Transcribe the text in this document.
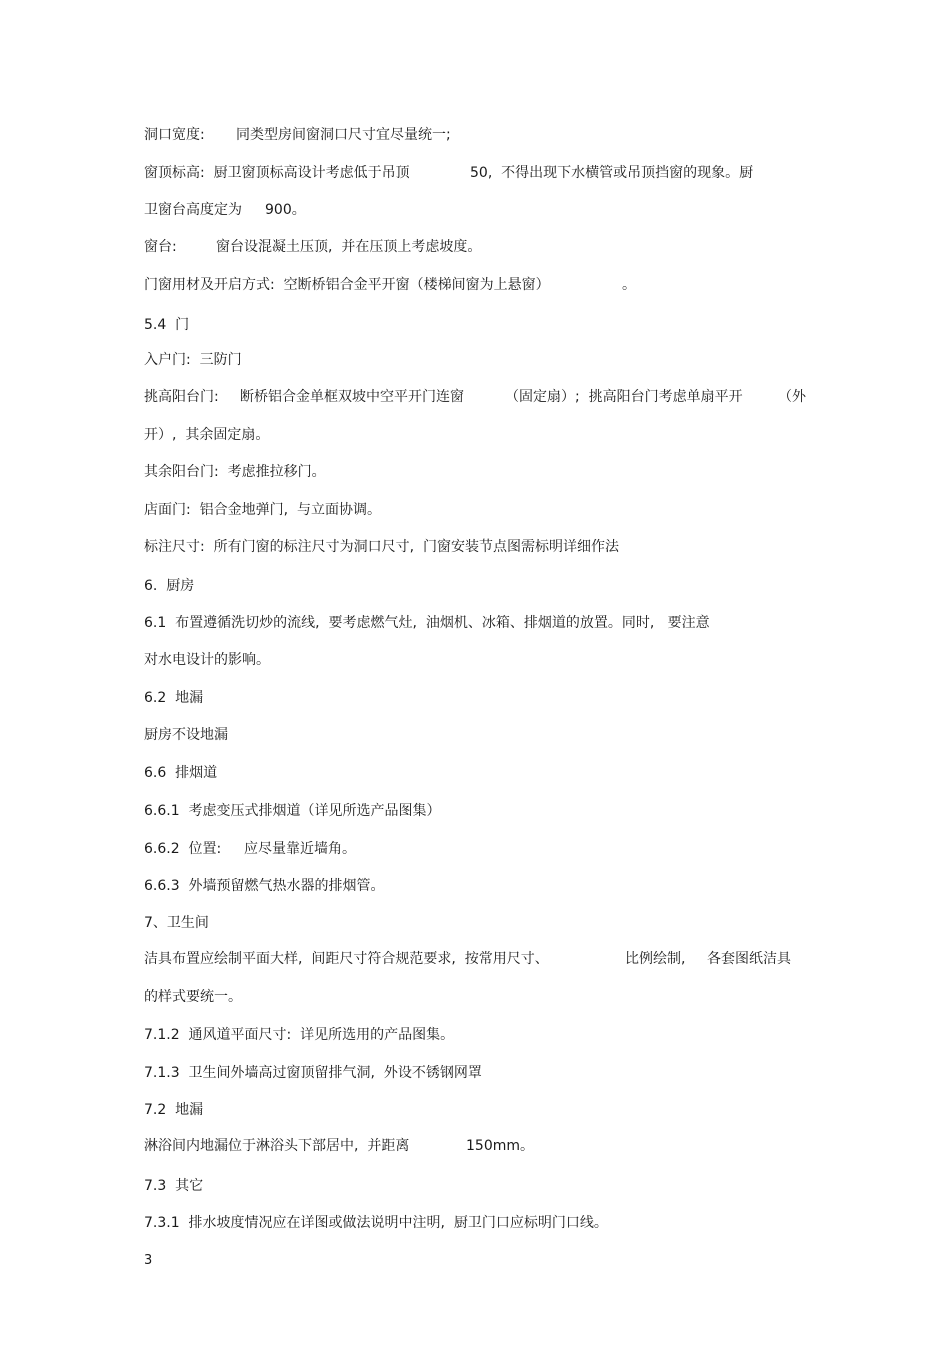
洞口宽度: 同类型房间窗洞口尺寸宜尽量统一;
窗顶标高:  厨卫窗顶标高设计考虑低于吊顶	50,  不得出现下水横管或吊顶挡窗的现象。厨
卫窗台高度定为 900。
窗台:	窗台设混凝土压顶,  并在压顶上考虑坡度。
门窗用材及开启方式:  空断桥铝合金平开窗（楼梯间窗为上悬窗）	。
5.4  门
入户门:  三防门
挑高阳台门: 断桥铝合金单框双坡中空平开门连窗	（固定扇）;  挑高阳台门考虑单扇平开	（外
开）,  其余固定扇。
其余阳台门:  考虑推拉移门。
店面门:  铝合金地弹门,  与立面协调。
标注尺寸:  所有门窗的标注尺寸为洞口尺寸,  门窗安装节点图需标明详细作法
6.  厨房
6.1  布置遵循洗切炒的流线,  要考虑燃气灶,  油烟机、冰箱、排烟道的放置。同时,   要注意
对水电设计的影响。
6.2  地漏
厨房不设地漏
6.6  排烟道
6.6.1  考虑变压式排烟道（详见所选产品图集）
6.6.2  位置: 应尽量靠近墙角。
6.6.3  外墙预留燃气热水器的排烟管。
7、卫生间
洁具布置应绘制平面大样,  间距尺寸符合规范要求,  按常用尺寸、	比例绘制, 各套图纸洁具
的样式要统一。
7.1.2  通风道平面尺寸:  详见所选用的产品图集。
7.1.3  卫生间外墙高过窗顶留排气洞,  外设不锈钢网罩
7.2  地漏
淋浴间内地漏位于淋浴头下部居中,  并距离	150mm。
7.3  其它
7.3.1  排水坡度情况应在详图或做法说明中注明,  厨卫门口应标明门口线。
3
